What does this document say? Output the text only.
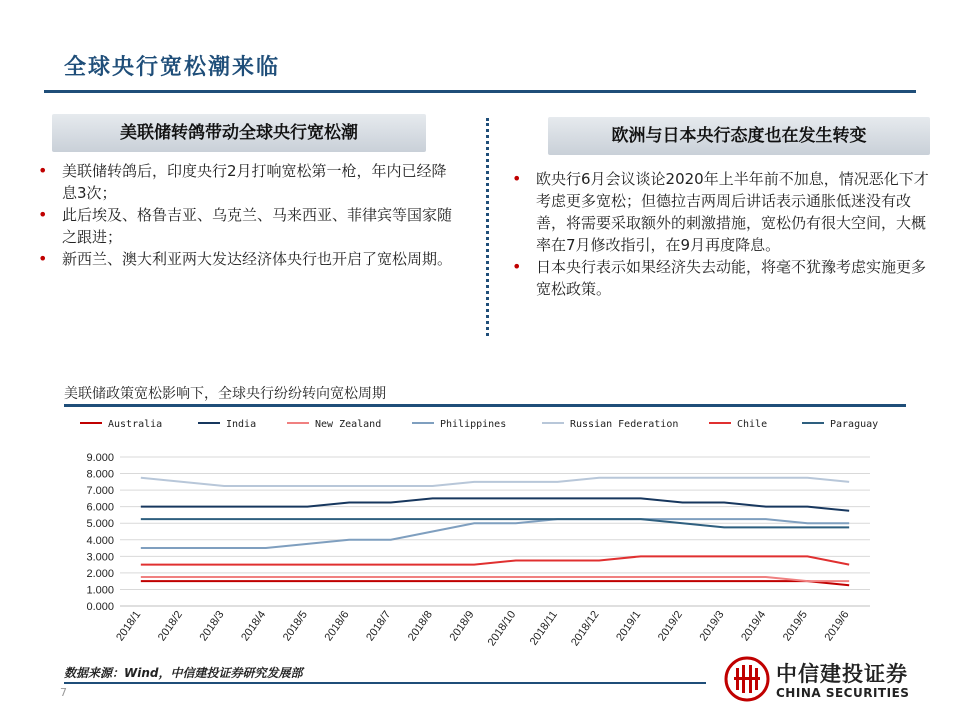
全球央行宽松潮来临
美联储转鸽带动全球央行宽松潮
• 美联储转鸽后，印度央行2月打响宽松第一枪，年内已经降息3次；
• 此后埃及、格鲁吉亚、乌克兰、马来西亚、菲律宾等国家随之跟进；
• 新西兰、澳大利亚两大发达经济体央行也开启了宽松周期。
欧洲与日本央行态度也在发生转变
• 欧央行6月会议谈论2020年上半年前不加息，情况恶化下才考虑更多宽松；但德拉吉两周后讲话表示通胀低迷没有改善，将需要采取额外的刺激措施，宽松仍有很大空间，大概率在7月修改指引，在9月再度降息。
• 日本央行表示如果经济失去动能，将毫不犹豫考虑实施更多宽松政策。
美联储政策宽松影响下，全球央行纷纷转向宽松周期
Australia	India	New Zealand	Philippines	Russian Federation	Chile	Paraguay
0.000
1.000
2.000
3.000
4.000
5.000
6.000
7.000
8.000
9.000
2018/1 2018/2 2018/3 2018/4 2018/5 2018/6 2018/7 2018/8 2018/9 2018/10 2018/11 2018/12 2019/1 2019/2 2019/3 2019/4 2019/5 2019/6
数据来源：Wind，中信建投证券研究发展部
7
中信建投证券
CHINA SECURITIES
